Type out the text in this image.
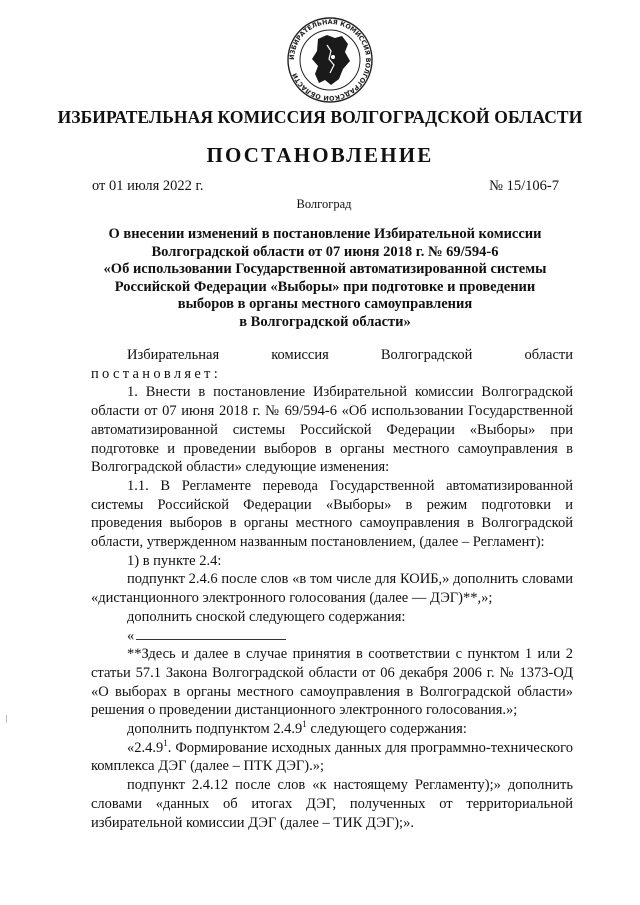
ИЗБИРАТЕЛЬНАЯ КОМИССИЯ ВОЛГОГРАДСКОЙ ОБЛАСТИ
ИЗБИРАТЕЛЬНАЯ КОМИССИЯ ВОЛГОГРАДСКОЙ ОБЛАСТИ
ПОСТАНОВЛЕНИЕ
от 01 июля 2022 г.	№ 15/106-7
Волгоград
О внесении изменений в постановление Избирательной комиссии
Волгоградской области от 07 июня 2018 г. № 69/594-6
«Об использовании Государственной автоматизированной системы
Российской Федерации «Выборы» при подготовке и проведении
выборов в органы местного самоуправления
в Волгоградской области»

Избирательная комиссия Волгоградской области

постановляет:

1. Внести в постановление Избирательной комиссии Волгоградской области от 07 июня 2018 г. № 69/594-6 «Об использовании Государственной автоматизированной системы Российской Федерации «Выборы» при подготовке и проведении выборов в органы местного самоуправления в Волгоградской области» следующие изменения:

1.1. В Регламенте перевода Государственной автоматизированной системы Российской Федерации «Выборы» в режим подготовки и проведения выборов в органы местного самоуправления в Волгоградской области, утвержденном названным постановлением, (далее – Регламент):

1) в пункте 2.4:

подпункт 2.4.6 после слов «в том числе для КОИБ,» дополнить словами «дистанционного электронного голосования (далее — ДЭГ)**,»;

дополнить сноской следующего содержания:

«

**Здесь и далее в случае принятия в соответствии с пунктом 1 или 2 статьи 57.1 Закона Волгоградской области от 06 декабря 2006 г. № 1373-ОД «О выборах в органы местного самоуправления в Волгоградской области» решения о проведении дистанционного электронного голосования.»;

дополнить подпунктом 2.4.9$^1$ следующего содержания:

«2.4.9$^1$. Формирование исходных данных для программно-технического комплекса ДЭГ (далее – ПТК ДЭГ).»;

подпункт 2.4.12 после слов «к настоящему Регламенту);» дополнить словами «данных об итогах ДЭГ, полученных от территориальной избирательной комиссии ДЭГ (далее – ТИК ДЭГ);».
